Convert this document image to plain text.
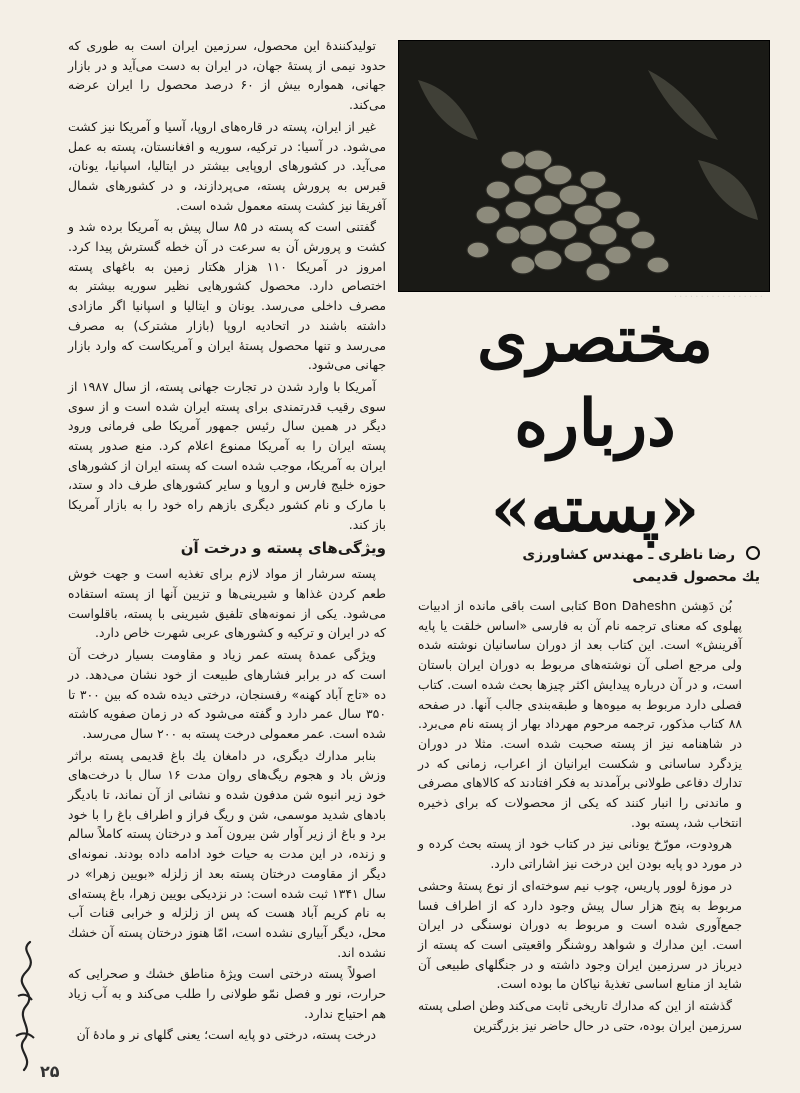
‏۰۰۰۰۰۰۰۰۰۰۰۰۰۰۰۰۰
مختصری
درباره
«پسته»
رضا ناظری ـ مهندس کشاورزی
يك محصول قديمی

تولیدکنندهٔ این محصول، سرزمین ایران است به طوری که حدود نیمی از پستهٔ جهان، در ایران به دست می‌آید و در بازار جهانی، همواره بیش از ۶۰ درصد محصول را ایران عرضه می‌کند.

غیر از ایران، پسته در قاره‌های اروپا، آسیا و آمریکا نیز کشت می‌شود. در آسیا: در ترکیه، سوریه و افغانستان، پسته به عمل می‌آید. در کشورهای اروپایی بیشتر در ایتالیا، اسپانیا، یونان، قبرس به پرورش پسته، می‌پردازند، و در کشورهای شمال آفریقا نیز کشت پسته معمول شده است.

گفتنی است که پسته در ۸۵ سال پیش به آمریکا برده شد و کشت و پرورش آن به سرعت در آن خطه گسترش پیدا کرد. امروز در آمریکا ۱۱۰ هزار هکتار زمین به باغهای پسته اختصاص دارد. محصول کشورهایی نظیر سوریه بیشتر به مصرف داخلی می‌رسد. یونان و ایتالیا و اسپانیا اگر مازادی داشته باشند در اتحادیه اروپا (بازار مشترک) به مصرف می‌رسد و تنها محصول پستهٔ ایران و آمریکاست که وارد بازار جهانی می‌شود.

آمریکا با وارد شدن در تجارت جهانی پسته، از سال ۱۹۸۷ از سوی رقیب قدرتمندی برای پسته ایران شده است و از سوی دیگر در همین سال رئیس جمهور آمریکا طی فرمانی ورود پسته ایران را به آمریکا ممنوع اعلام کرد. منع صدور پسته ایران به آمریکا، موجب شده است که پسته ایران از کشورهای حوزه خلیج فارس و اروپا و سایر کشورهای طرف داد و ستد، با مارک و نام کشور دیگری بازهم راه خود را به بازار آمریکا باز کند.

ویژگی‌های پسته و درخت آن

پسته سرشار از مواد لازم برای تغذیه است و جهت خوش طعم کردن غذاها و شیرینی‌ها و تزیین آنها از پسته استفاده می‌شود. یکی از نمونه‌های تلفیق شیرینی با پسته، باقلواست که در ایران و ترکیه و کشورهای عربی شهرت خاص دارد.

ویژگی عمدهٔ پسته عمر زیاد و مقاومت بسیار درخت آن است که در برابر فشارهای طبیعت از خود نشان می‌دهد. در ده «تاج آباد کهنه» رفسنجان، درختی دیده شده که بین ۳۰۰ تا ۳۵۰ سال عمر دارد و گفته می‌شود که در زمان صفویه کاشته شده است. عمر معمولی درخت پسته به ۲۰۰ سال می‌رسد.

بنابر مدارك دیگری، در دامغان یك باغ قدیمی پسته براثر وزش باد و هجوم ریگ‌های روان مدت ۱۶ سال با درخت‌های خود زیر انبوه شن مدفون شده و نشانی از آن نماند، تا بادیگر بادهای شدید موسمی، شن و ریگ فراز و اطراف باغ را با خود برد و باغ از زیر آوار شن بیرون آمد و درختان پسته کاملاً سالم و زنده، در این مدت به حیات خود ادامه داده بودند. نمونه‌ای دیگر از مقاومت درختان پسته بعد از زلزله «بویین زهرا» در سال ۱۳۴۱ ثبت شده است: در نزدیکی بویین زهرا، باغ پسته‌ای به نام کریم آباد هست که پس از زلزله و خرابی قنات آب محل، دیگر آبیاری نشده است، امّا هنوز درختان پسته آن خشك نشده اند.

اصولاً پسته درختی است ویژهٔ مناطق خشك و صحرایی که حرارت، نور و فصل نمّو طولانی را طلب می‌کند و به آب زیاد هم احتیاج ندارد.

درخت پسته، درختی دو پایه است؛ یعنی گلهای نر و مادهٔ آن

بُن دَهِشن Bon Daheshn کتابی است باقی مانده از ادبیات پهلوی که معنای ترجمه نام آن به فارسی «اساس خلقت یا پایه آفرینش» است. این کتاب بعد از دوران ساسانیان نوشته شده ولی مرجع اصلی آن نوشته‌های مربوط به دوران ایران باستان است، و در آن درباره پیدایش اکثر چیزها بحث شده است. کتاب فصلی دارد مربوط به میوه‌ها و طبقه‌بندی جالب آنها. در صفحه ۸۸ کتاب مذکور، ترجمه مرحوم مهرداد بهار از پسته نام می‌برد. در شاهنامه نیز از پسته صحبت شده است. مثلا در دوران یزدگرد ساسانی و شکست ایرانیان از اعراب، زمانی که در تدارك دفاعی طولانی برآمدند به فکر افتادند که کالاهای مصرفی و ماندنی را انبار کنند که یکی از محصولات که برای ذخیره انتخاب شد، پسته بود.

هرودوت، مورّخ یونانی نیز در کتاب خود از پسته بحث کرده و در مورد دو پایه بودن این درخت نیز اشاراتی دارد.

در موزهٔ لوور پاریس، چوب نیم سوخته‌ای از نوع پستهٔ وحشی مربوط به پنج هزار سال پیش وجود دارد که از اطراف فسا جمع‌آوری شده است و مربوط به دوران نوسنگی در ایران است. این مدارك و شواهد روشنگر واقعیتی است که پسته از دیرباز در سرزمین ایران وجود داشته و در جنگلهای طبیعی آن شاید از منابع اساسی تغذیهٔ نیاکان ما بوده است.

گذشته از این که مدارك تاریخی ثابت می‌کند وطن اصلی پسته سرزمین ایران بوده، حتی در حال حاضر نیز بزرگترین

۲۵
